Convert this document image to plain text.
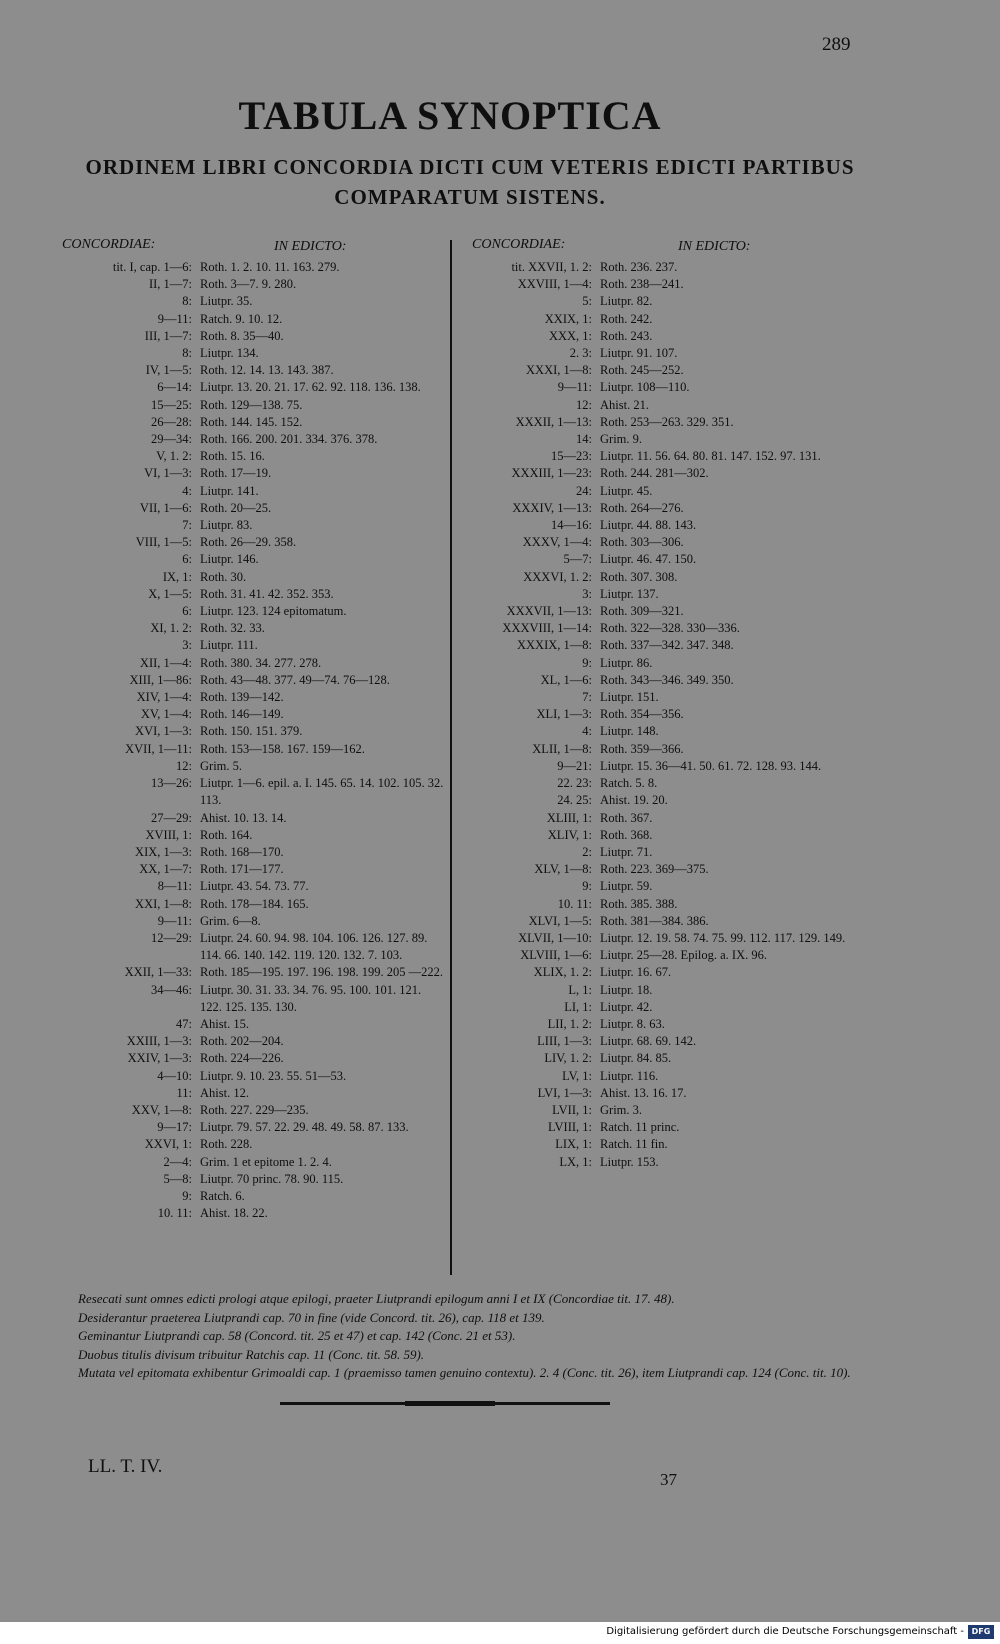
289
TABULA SYNOPTICA
ORDINEM LIBRI CONCORDIA DICTI CUM VETERIS EDICTI PARTIBUS
COMPARATUM SISTENS.
CONCORDIAE:	IN EDICTO:
tit. I, cap. 1—6: Roth. 1. 2. 10. 11. 163. 279.
II, 1—7: Roth. 3—7. 9. 280.
8: Liutpr. 35.
9—11: Ratch. 9. 10. 12.
III, 1—7: Roth. 8. 35—40.
8: Liutpr. 134.
IV, 1—5: Roth. 12. 14. 13. 143. 387.
6—14: Liutpr. 13. 20. 21. 17. 62. 92. 118. 136. 138.
15—25: Roth. 129—138. 75.
26—28: Roth. 144. 145. 152.
29—34: Roth. 166. 200. 201. 334. 376. 378.
V, 1. 2: Roth. 15. 16.
VI, 1—3: Roth. 17—19.
4: Liutpr. 141.
VII, 1—6: Roth. 20—25.
7: Liutpr. 83.
VIII, 1—5: Roth. 26—29. 358.
6: Liutpr. 146.
IX, 1: Roth. 30.
X, 1—5: Roth. 31. 41. 42. 352. 353.
6: Liutpr. 123. 124 epitomatum.
XI, 1. 2: Roth. 32. 33.
3: Liutpr. 111.
XII, 1—4: Roth. 380. 34. 277. 278.
XIII, 1—86: Roth. 43—48. 377. 49—74. 76—128.
XIV, 1—4: Roth. 139—142.
XV, 1—4: Roth. 146—149.
XVI, 1—3: Roth. 150. 151. 379.
XVII, 1—11: Roth. 153—158. 167. 159—162.
12: Grim. 5.
13—26: Liutpr. 1—6. epil. a. I. 145. 65. 14. 102. 105. 32. 113.
27—29: Ahist. 10. 13. 14.
XVIII, 1: Roth. 164.
XIX, 1—3: Roth. 168—170.
XX, 1—7: Roth. 171—177.
8—11: Liutpr. 43. 54. 73. 77.
XXI, 1—8: Roth. 178—184. 165.
9—11: Grim. 6—8.
12—29: Liutpr. 24. 60. 94. 98. 104. 106. 126. 127. 89. 114. 66. 140. 142. 119. 120. 132. 7. 103.
XXII, 1—33: Roth. 185—195. 197. 196. 198. 199. 205 —222.
34—46: Liutpr. 30. 31. 33. 34. 76. 95. 100. 101. 121. 122. 125. 135. 130.
47: Ahist. 15.
XXIII, 1—3: Roth. 202—204.
XXIV, 1—3: Roth. 224—226.
4—10: Liutpr. 9. 10. 23. 55. 51—53.
11: Ahist. 12.
XXV, 1—8: Roth. 227. 229—235.
9—17: Liutpr. 79. 57. 22. 29. 48. 49. 58. 87. 133.
XXVI, 1: Roth. 228.
2—4: Grim. 1 et epitome 1. 2. 4.
5—8: Liutpr. 70 princ. 78. 90. 115.
9: Ratch. 6.
10. 11: Ahist. 18. 22.
CONCORDIAE:	IN EDICTO:
tit. XXVII, 1. 2: Roth. 236. 237.
XXVIII, 1—4: Roth. 238—241.
5: Liutpr. 82.
XXIX, 1: Roth. 242.
XXX, 1: Roth. 243.
2. 3: Liutpr. 91. 107.
XXXI, 1—8: Roth. 245—252.
9—11: Liutpr. 108—110.
12: Ahist. 21.
XXXII, 1—13: Roth. 253—263. 329. 351.
14: Grim. 9.
15—23: Liutpr. 11. 56. 64. 80. 81. 147. 152. 97. 131.
XXXIII, 1—23: Roth. 244. 281—302.
24: Liutpr. 45.
XXXIV, 1—13: Roth. 264—276.
14—16: Liutpr. 44. 88. 143.
XXXV, 1—4: Roth. 303—306.
5—7: Liutpr. 46. 47. 150.
XXXVI, 1. 2: Roth. 307. 308.
3: Liutpr. 137.
XXXVII, 1—13: Roth. 309—321.
XXXVIII, 1—14: Roth. 322—328. 330—336.
XXXIX, 1—8: Roth. 337—342. 347. 348.
9: Liutpr. 86.
XL, 1—6: Roth. 343—346. 349. 350.
7: Liutpr. 151.
XLI, 1—3: Roth. 354—356.
4: Liutpr. 148.
XLII, 1—8: Roth. 359—366.
9—21: Liutpr. 15. 36—41. 50. 61. 72. 128. 93. 144.
22. 23: Ratch. 5. 8.
24. 25: Ahist. 19. 20.
XLIII, 1: Roth. 367.
XLIV, 1: Roth. 368.
2: Liutpr. 71.
XLV, 1—8: Roth. 223. 369—375.
9: Liutpr. 59.
10. 11: Roth. 385. 388.
XLVI, 1—5: Roth. 381—384. 386.
XLVII, 1—10: Liutpr. 12. 19. 58. 74. 75. 99. 112. 117. 129. 149.
XLVIII, 1—6: Liutpr. 25—28. Epilog. a. IX. 96.
XLIX, 1. 2: Liutpr. 16. 67.
L, 1: Liutpr. 18.
LI, 1: Liutpr. 42.
LII, 1. 2: Liutpr. 8. 63.
LIII, 1—3: Liutpr. 68. 69. 142.
LIV, 1. 2: Liutpr. 84. 85.
LV, 1: Liutpr. 116.
LVI, 1—3: Ahist. 13. 16. 17.
LVII, 1: Grim. 3.
LVIII, 1: Ratch. 11 princ.
LIX, 1: Ratch. 11 fin.
LX, 1: Liutpr. 153.

Resecati sunt omnes edicti prologi atque epilogi, praeter Liutprandi epilogum anni I et IX (Concordiae tit. 17. 48).

Desiderantur praeterea Liutprandi cap. 70 in fine (vide Concord. tit. 26), cap. 118 et 139.

Geminantur Liutprandi cap. 58 (Concord. tit. 25 et 47) et cap. 142 (Conc. 21 et 53).

Duobus titulis divisum tribuitur Ratchis cap. 11 (Conc. tit. 58. 59).

Mutata vel epitomata exhibentur Grimoaldi cap. 1 (praemisso tamen genuino contextu). 2. 4 (Conc. tit. 26), item Liutprandi cap. 124 (Conc. tit. 10).

LL. T. IV.
37
Digitalisierung gefördert durch die Deutsche Forschungsgemeinschaft - DFG
